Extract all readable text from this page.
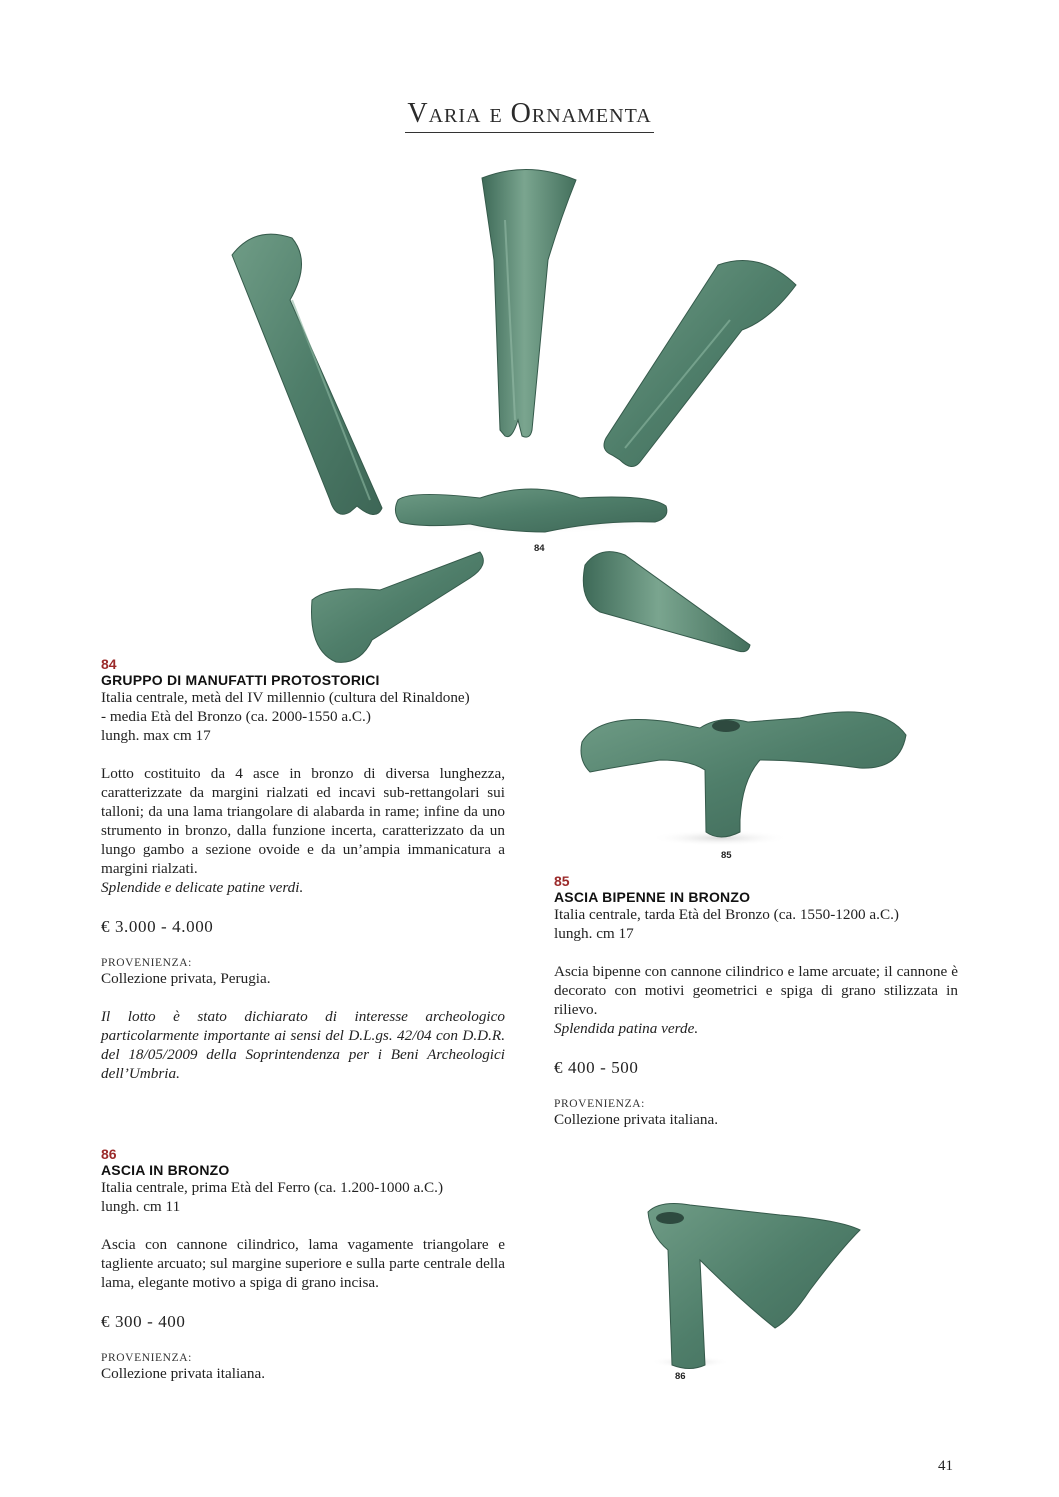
Varia e Ornamenta
84
84
GRUPPO DI MANUFATTI PROTOSTORICI
Italia centrale, metà del IV millennio (cultura del Rinaldone)
- media Età del Bronzo (ca. 2000-1550 a.C.)
lungh. max cm 17
Lotto costituito da 4 asce in bronzo di diversa lunghezza, caratterizzate da margini rialzati ed incavi sub-rettangolari sui talloni; da una lama triangolare di alabarda in rame; infine da uno strumento in bronzo, dalla funzione incerta, caratterizzato da un lungo gambo a sezione ovoide e da un’ampia immanicatura a margini rialzati.
Splendide e delicate patine verdi.
€ 3.000 - 4.000
PROVENIENZA:
Collezione privata, Perugia.
Il lotto è stato dichiarato di interesse archeologico particolarmente importante ai sensi del D.L.gs. 42/04 con D.D.R. del 18/05/2009 della Soprintendenza per i Beni Archeologici dell’Umbria.
85
85
ASCIA BIPENNE IN BRONZO
Italia centrale, tarda Età del Bronzo (ca. 1550-1200 a.C.)
lungh. cm 17
Ascia bipenne con cannone cilindrico e lame arcuate; il cannone è decorato con motivi geometrici e spiga di grano stilizzata in rilievo.
Splendida patina verde.
€ 400 - 500
PROVENIENZA:
Collezione privata italiana.
86
ASCIA IN BRONZO
Italia centrale, prima Età del Ferro (ca. 1.200-1000 a.C.)
lungh. cm 11
Ascia con cannone cilindrico, lama vagamente triangolare e tagliente arcuato; sul margine superiore e sulla parte centrale della lama, elegante motivo a spiga di grano incisa.
€ 300 - 400
PROVENIENZA:
Collezione privata italiana.	86
41
